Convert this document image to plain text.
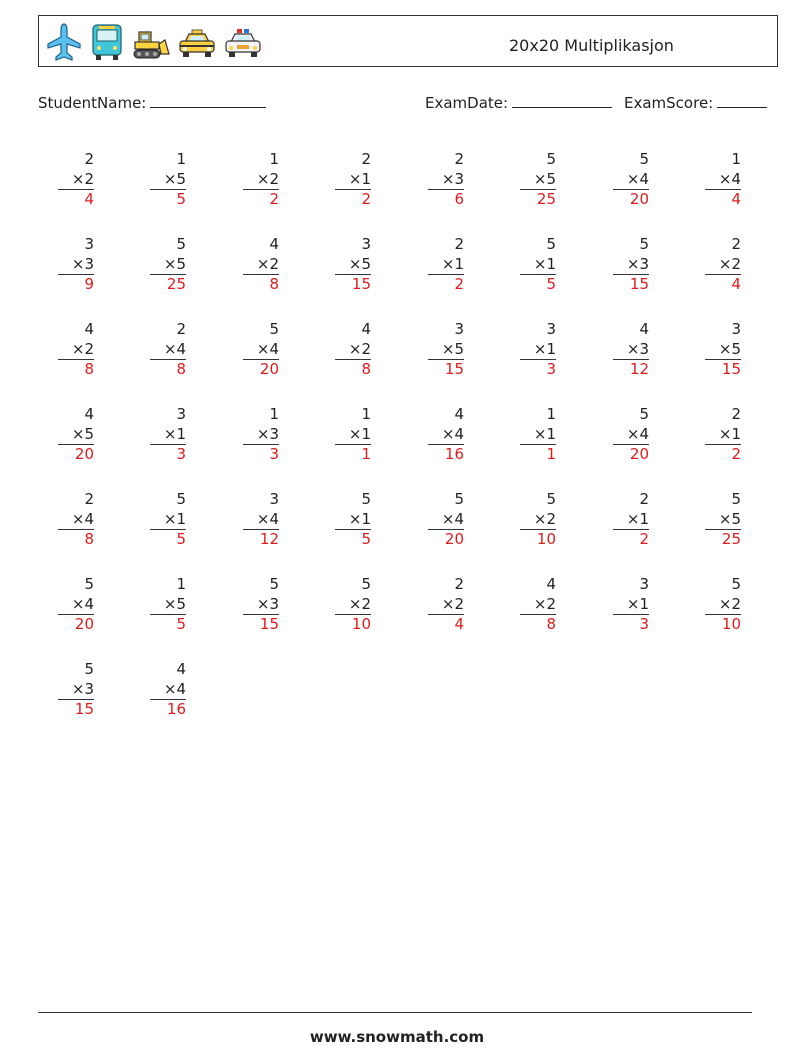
20x20 Multiplikasjon
StudentName:	ExamDate:	ExamScore:
2
×2
4
1
×5
5
1
×2
2
2
×1
2
2
×3
6
5
×5
25
5
×4
20
1
×4
4
3
×3
9
5
×5
25
4
×2
8
3
×5
15
2
×1
2
5
×1
5
5
×3
15
2
×2
4
4
×2
8
2
×4
8
5
×4
20
4
×2
8
3
×5
15
3
×1
3
4
×3
12
3
×5
15
4
×5
20
3
×1
3
1
×3
3
1
×1
1
4
×4
16
1
×1
1
5
×4
20
2
×1
2
2
×4
8
5
×1
5
3
×4
12
5
×1
5
5
×4
20
5
×2
10
2
×1
2
5
×5
25
5
×4
20
1
×5
5
5
×3
15
5
×2
10
2
×2
4
4
×2
8
3
×1
3
5
×2
10
5
×3
15
4
×4
16
www.snowmath.com
